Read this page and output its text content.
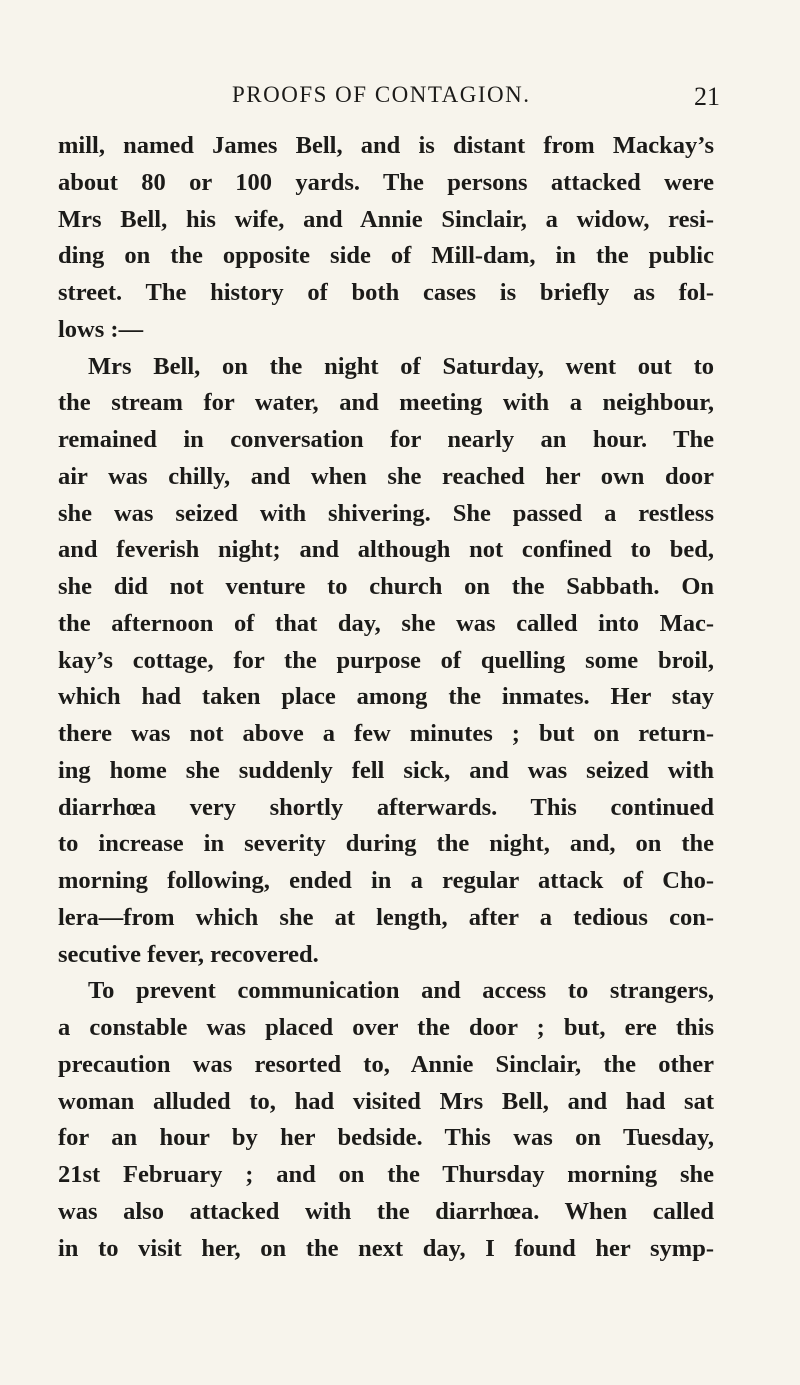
PROOFS OF CONTAGION.	21
mill, named James Bell, and is distant from Mackay’s
about 80 or 100 yards. The persons attacked were
Mrs Bell, his wife, and Annie Sinclair, a widow, resi-
ding on the opposite side of Mill-dam, in the public
street. The history of both cases is briefly as fol-
lows :—
Mrs Bell, on the night of Saturday, went out to
the stream for water, and meeting with a neighbour,
remained in conversation for nearly an hour. The
air was chilly, and when she reached her own door
she was seized with shivering. She passed a restless
and feverish night; and although not confined to bed,
she did not venture to church on the Sabbath. On
the afternoon of that day, she was called into Mac-
kay’s cottage, for the purpose of quelling some broil,
which had taken place among the inmates. Her stay
there was not above a few minutes ; but on return-
ing home she suddenly fell sick, and was seized with
diarrhœa very shortly afterwards. This continued
to increase in severity during the night, and, on the
morning following, ended in a regular attack of Cho-
lera—from which she at length, after a tedious con-
secutive fever, recovered.
To prevent communication and access to strangers,
a constable was placed over the door ; but, ere this
precaution was resorted to, Annie Sinclair, the other
woman alluded to, had visited Mrs Bell, and had sat
for an hour by her bedside. This was on Tuesday,
21st February ; and on the Thursday morning she
was also attacked with the diarrhœa. When called
in to visit her, on the next day, I found her symp-
